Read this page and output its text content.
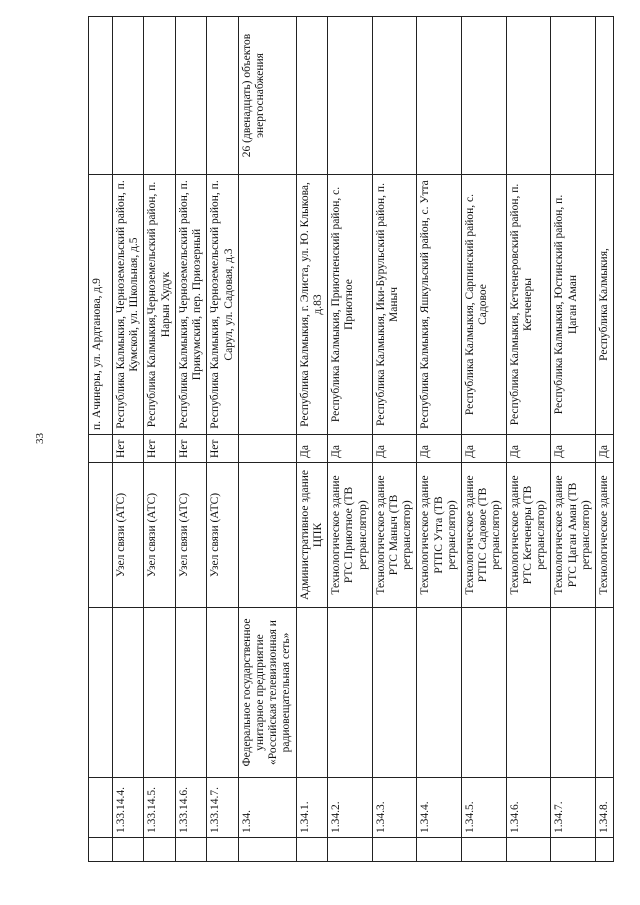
33
					п. Ачинеры, ул. Ардтанова, д.9	
	1.33.14.4.		Узел связи (АТС)	Нет	Республика Калмыкия, Черноземельский район, п. Кумской, ул. Школьная, д.5	
	1.33.14.5.		Узел связи (АТС)	Нет	Республика Калмыкия,Черноземельский район, п. Нарын Худук	
	1.33.14.6.		Узел связи (АТС)	Нет	Республика Калмыкия, Черноземельский район, п. Прикумский, пер. Приозерный	
	1.33.14.7.		Узел связи (АТС)	Нет	Республика Калмыкия, Черноземельский район, п. Сарул, ул. Садовая, д.3	
	1.34.	Федеральное государственное унитарное предприятие «Российская телевизионная и радиовещательная сеть»				26 (двенадцать) объектов энергоснабжения
	1.34.1.		Административное здание ЦПК	Да	Республика Калмыкия, г. Элиста, ул. Ю. Клыкова, д.83	
	1.34.2.		Технологическое здание РТС Приютное (ТВ ретранслятор)	Да	Республика Калмыкия, Приютненский район, с. Приютное	
	1.34.3.		Технологическое здание РТС Маныч (ТВ ретранслятор)	Да	Республика Калмыкия, Ики-Бурульский район, п. Маныч	
	1.34.4.		Технологическое здание РТПС Утта (ТВ ретранслятор)	Да	Республика Калмыкия, Яшкульский район, с. Утта	
	1.34.5.		Технологическое здание РТПС Садовое (ТВ ретранслятор)	Да	Республика Калмыкия, Сарпинский район, с. Садовое	
	1.34.6.		Технологическое здание РТС Кетченеры (ТВ ретранслятор)	Да	Республика Калмыкия, Кетченеровский район, п. Кетченеры	
	1.34.7.		Технологическое здание РТС Цаган Аман (ТВ ретранслятор)	Да	Республика Калмыкия, Юстинский район, п. Цаган Аман	
	1.34.8.		Технологическое здание	Да	Республика Калмыкия,	
